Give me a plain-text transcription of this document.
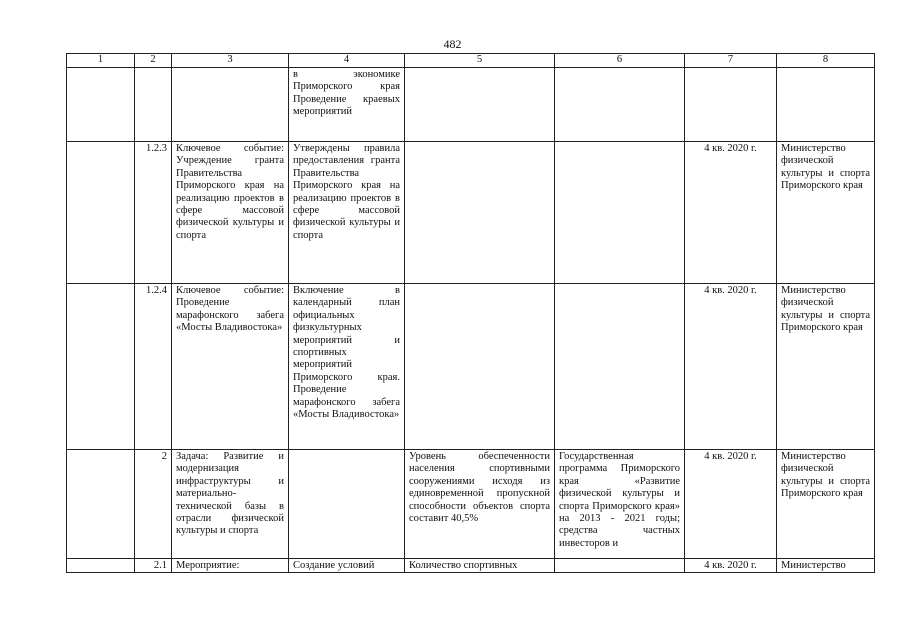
482
1	2	3	4	5	6	7	8
			в экономике Приморского края Проведение краевых мероприятий				
	1.2.3	Ключевое событие: Учреждение гранта Правительства Приморского края на реализацию проектов в сфере массовой физической культуры и спорта	Утверждены правила предоставления гранта Правительства Приморского края на реализацию проектов в сфере массовой физической культуры и спорта			4 кв. 2020 г.	Министерство физической культуры и спорта Приморского края
	1.2.4	Ключевое событие: Проведение марафонского забега «Мосты Владивостока»	Включение в календарный план официальных физкультурных мероприятий и спортивных мероприятий Приморского края. Проведение марафонского забега «Мосты Владивостока»			4 кв. 2020 г.	Министерство физической культуры и спорта Приморского края
	2	Задача: Развитие и модернизация инфраструктуры и материально-технической базы в отрасли физической культуры и спорта		Уровень обеспеченности населения спортивными сооружениями исходя из единовременной пропускной способности объектов спорта составит 40,5%	Государственная программа Приморского края «Развитие физической культуры и спорта Приморского края» на 2013 - 2021 годы; средства частных инвесторов и	4 кв. 2020 г.	Министерство физической культуры и спорта Приморского края
	2.1	Мероприятие:	Создание условий	Количество спортивных		4 кв. 2020 г.	Министерство
